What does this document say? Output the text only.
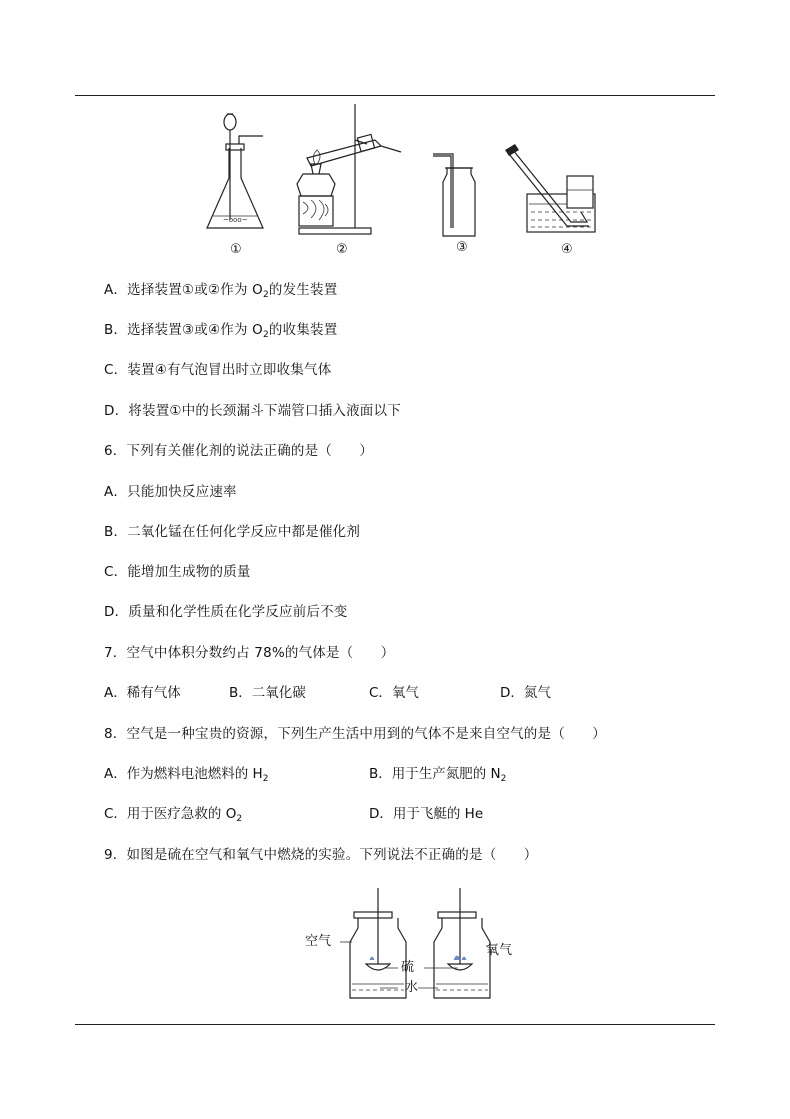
~ooo~
①	②	③	④
A．选择装置①或②作为 $O_2$的发生装置
B．选择装置③或④作为 $O_2$的收集装置
C．装置④有气泡冒出时立即收集气体
D．将装置①中的长颈漏斗下端管口插入液面以下
6．下列有关催化剂的说法正确的是（　　）
A．只能加快反应速率
B．二氧化锰在任何化学反应中都是催化剂
C．能增加生成物的质量
D．质量和化学性质在化学反应前后不变
7．空气中体积分数约占 78%的气体是（　　）
A．稀有气体	B．二氧化碳	C．氧气	D．氮气
8．空气是一种宝贵的资源，下列生产生活中用到的气体不是来自空气的是（　　）
A．作为燃料电池燃料的 $H_2$	B．用于生产氮肥的 $N_2$
C．用于医疗急救的 $O_2$	D．用于飞艇的 He
9．如图是硫在空气和氧气中燃烧的实验。下列说法不正确的是（　　）
空气
氧气
硫
水
